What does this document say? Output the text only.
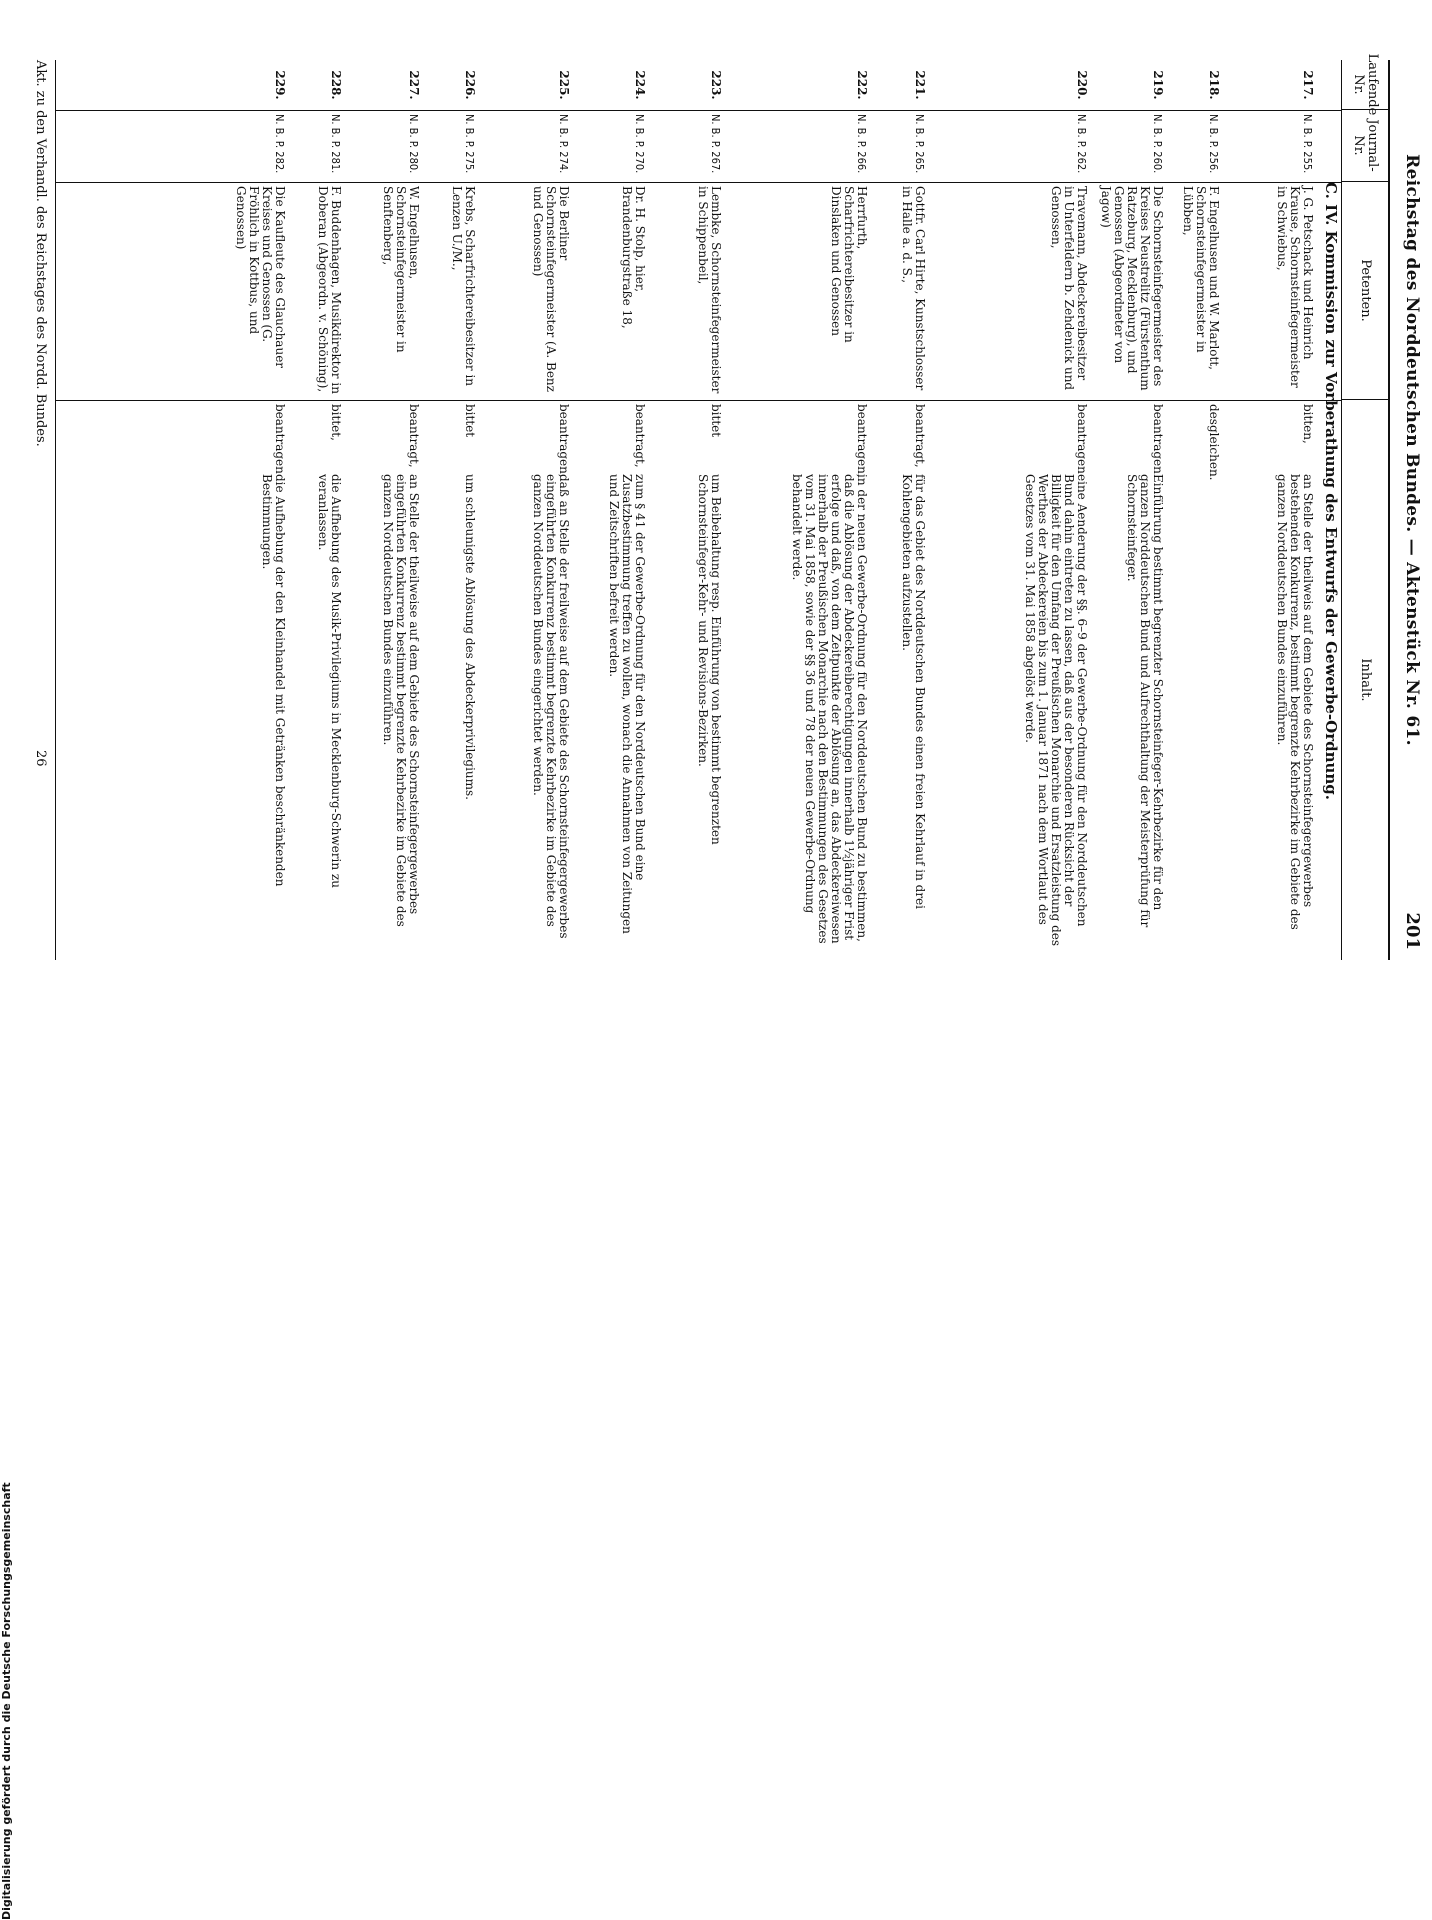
Reichstag des Norddeutschen Bundes. — Aktenstück Nr. 61.
201
Laufende Nr.
Journal-Nr.
Petenten.
Inhalt.
C. IV. Kommission zur Vorberathung des Entwurfs der Gewerbe-Ordnung.
217.
N. B. P. 255.
J. G. Petschack und Heinrich Krause, Schornsteinfegermeister in Schwiebus,
bitten,
an Stelle der theilweis auf dem Gebiete des Schornsteinfegergewerbes bestehenden Konkurrenz, bestimmt begrenzte Kehrbezirke im Gebiete des ganzen Norddeutschen Bundes einzuführen.
218.
N. B. P. 256.
F. Engelhusen und W. Marlott, Schornsteinfegermeister in Lübben,
desgleichen.
219.
N. B. P. 260.
Die Schornsteinfegermeister des Kreises Neustrelitz (Fürstenthum Ratzeburg, Mecklenburg), und Genossen (Abgeordneter von Jagow)
beantragen
Einführung bestimmt begrenzter Schornsteinfeger-Kehrbezirke für den ganzen Norddeutschen Bund und Aufrechthaltung der Meisterprüfung für Schornsteinfeger.
220.
N. B. P. 262.
Travemann, Abdeckereibesitzer in Unterfeldern b. Zehdenick und Genossen,
beantragen
eine Aenderung der §§. 6–9 der Gewerbe-Ordnung für den Norddeutschen Bund dahin eintreten zu lassen, daß aus der besonderen Rücksicht der Billigkeit für den Umfang der Preußischen Monarchie und Ersatzleistung des Werthes der Abdeckereien bis zum 1. Januar 1871 nach dem Wortlaut des Gesetzes vom 31. Mai 1858 abgelöst werde.
221.
N. B. P. 265.
Gottfr. Carl Hirte, Kunstschlosser in Halle a. d. S.,
beantragt,
für das Gebiet des Norddeutschen Bundes einen freien Kehrlauf in drei Kohlengebieten aufzustellen.
222.
N. B. P. 266.
Herrfurth, Scharfrichtereibesitzer in Dinslaken und Genossen
beantragen,
in der neuen Gewerbe-Ordnung für den Norddeutschen Bund zu bestimmen, daß die Ablösung der Abdeckereiberechtigungen innerhalb 1½jähriger Frist erfolge und daß, von dem Zeitpunkte der Ablösung an, das Abdeckereiwesen innerhalb der Preußischen Monarchie nach den Bestimmungen des Gesetzes vom 31. Mai 1858, sowie der §§ 36 und 78 der neuen Gewerbe-Ordnung behandelt werde.
223.
N. B. P. 267.
Lembke, Schornsteinfegermeister in Schippenbeil,
bittet
um Beibehaltung resp. Einführung von bestimmt begrenzten Schornsteinfeger-Kehr- und Revisions-Bezirken.
224.
N. B. P. 270.
Dr. H. Stolp, hier, Brandenburgstraße 18,
beantragt,
zum § 41 der Gewerbe-Ordnung für den Norddeutschen Bund eine Zusatzbestimmung treffen zu wollen, wonach die Annahmen von Zeitungen und Zeitschriften befreit werden.
225.
N. B. P. 274.
Die Berliner Schornsteinfegermeister (A. Benz und Genossen)
beantragen,
daß an Stelle der freilweise auf dem Gebiete des Schornsteinfegergewerbes eingeführten Konkurrenz bestimmt begrenzte Kehrbezirke im Gebiete des ganzen Norddeutschen Bundes eingerichtet werden.
226.
N. B. P. 275.
Krebs, Scharfrichtereibesitzer in Lenzen U./M.,
bittet
um schleunigste Ablösung des Abdeckerprivilegiums.
227.
N. B. P. 280.
W. Engelhusen, Schornsteinfegermeister in Senftenberg,
beantragt,
an Stelle der theilweise auf dem Gebiete des Schornsteinfegergewerbes eingeführten Konkurrenz bestimmt begrenzte Kehrbezirke im Gebiete des ganzen Norddeutschen Bundes einzuführen.
228.
N. B. P. 281.
F. Buddenhagen, Musikdirektor in Doberan (Abgeordn. v. Schöning),
bittet,
die Aufhebung des Musik-Privilegiums in Mecklenburg-Schwerin zu veranlassen.
229.
N. B. P. 282.
Die Kaufleute des Glauchauer Kreises und Genossen (G. Fröhlich in Kottbus, und Genossen)
beantragen
die Aufhebung der den Kleinhandel mit Getränken beschränkenden Bestimmungen.
Akt. zu den Verhandl. des Reichstages des Nordd. Bundes.
26
Digitalisierung gefördert durch die Deutsche Forschungsgemeinschaft
